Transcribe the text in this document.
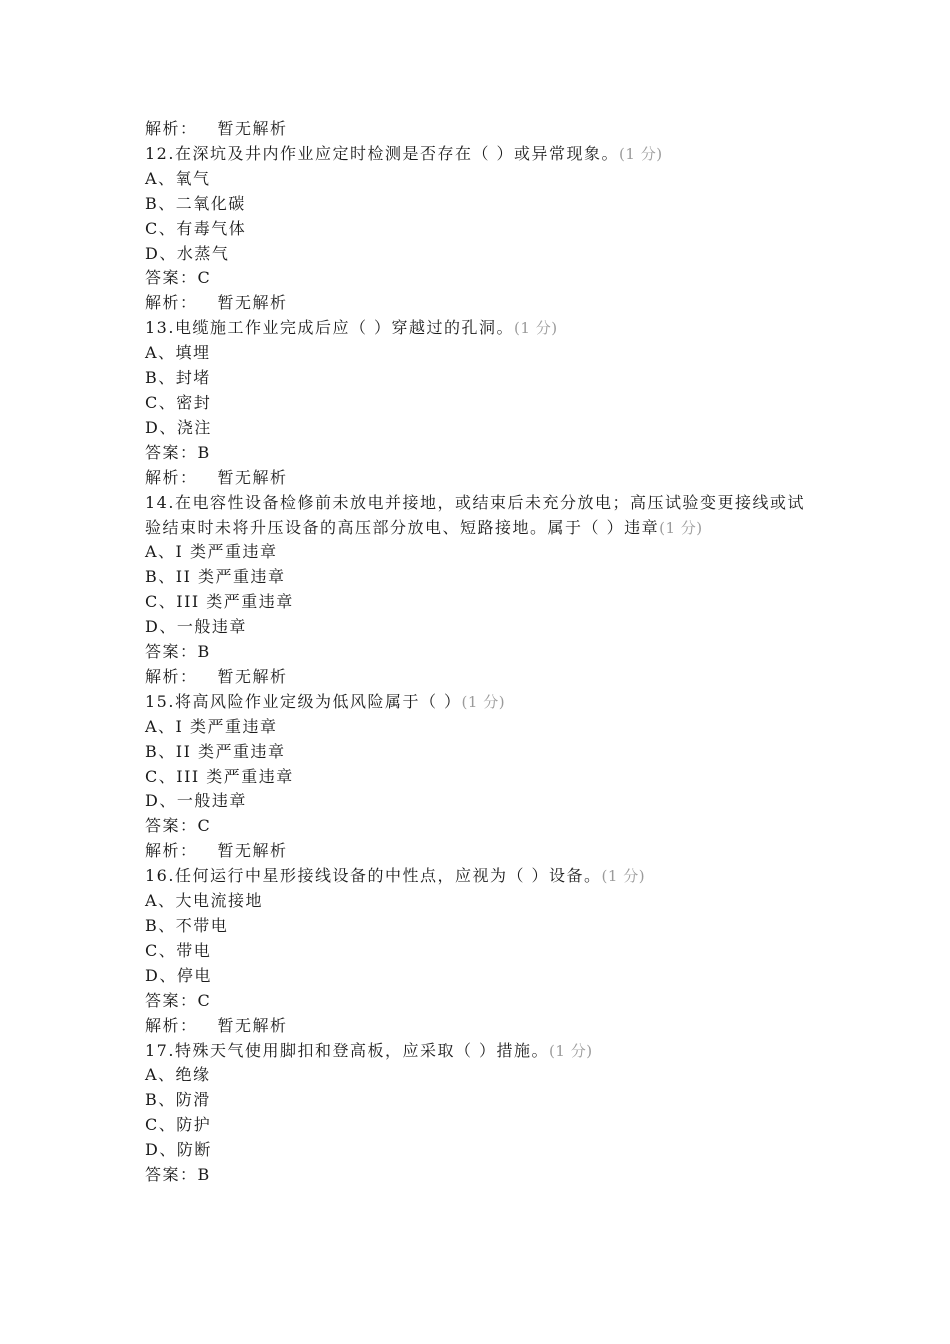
解析： 暂无解析
12.在深坑及井内作业应定时检测是否存在（ ）或异常现象。(1 分)
A、氧气
B、二氧化碳
C、有毒气体
D、水蒸气
答案：C
解析： 暂无解析
13.电缆施工作业完成后应（ ）穿越过的孔洞。(1 分)
A、填埋
B、封堵
C、密封
D、浇注
答案：B
解析： 暂无解析
14.在电容性设备检修前未放电并接地，或结束后未充分放电；高压试验变更接线或试验结束时未将升压设备的高压部分放电、短路接地。属于（ ）违章(1 分)
A、I 类严重违章
B、II 类严重违章
C、III 类严重违章
D、一般违章
答案：B
解析： 暂无解析
15.将高风险作业定级为低风险属于（ ）(1 分)
A、I 类严重违章
B、II 类严重违章
C、III 类严重违章
D、一般违章
答案：C
解析： 暂无解析
16.任何运行中星形接线设备的中性点，应视为（ ）设备。(1 分)
A、大电流接地
B、不带电
C、带电
D、停电
答案：C
解析： 暂无解析
17.特殊天气使用脚扣和登高板，应采取（ ）措施。(1 分)
A、绝缘
B、防滑
C、防护
D、防断
答案：B
